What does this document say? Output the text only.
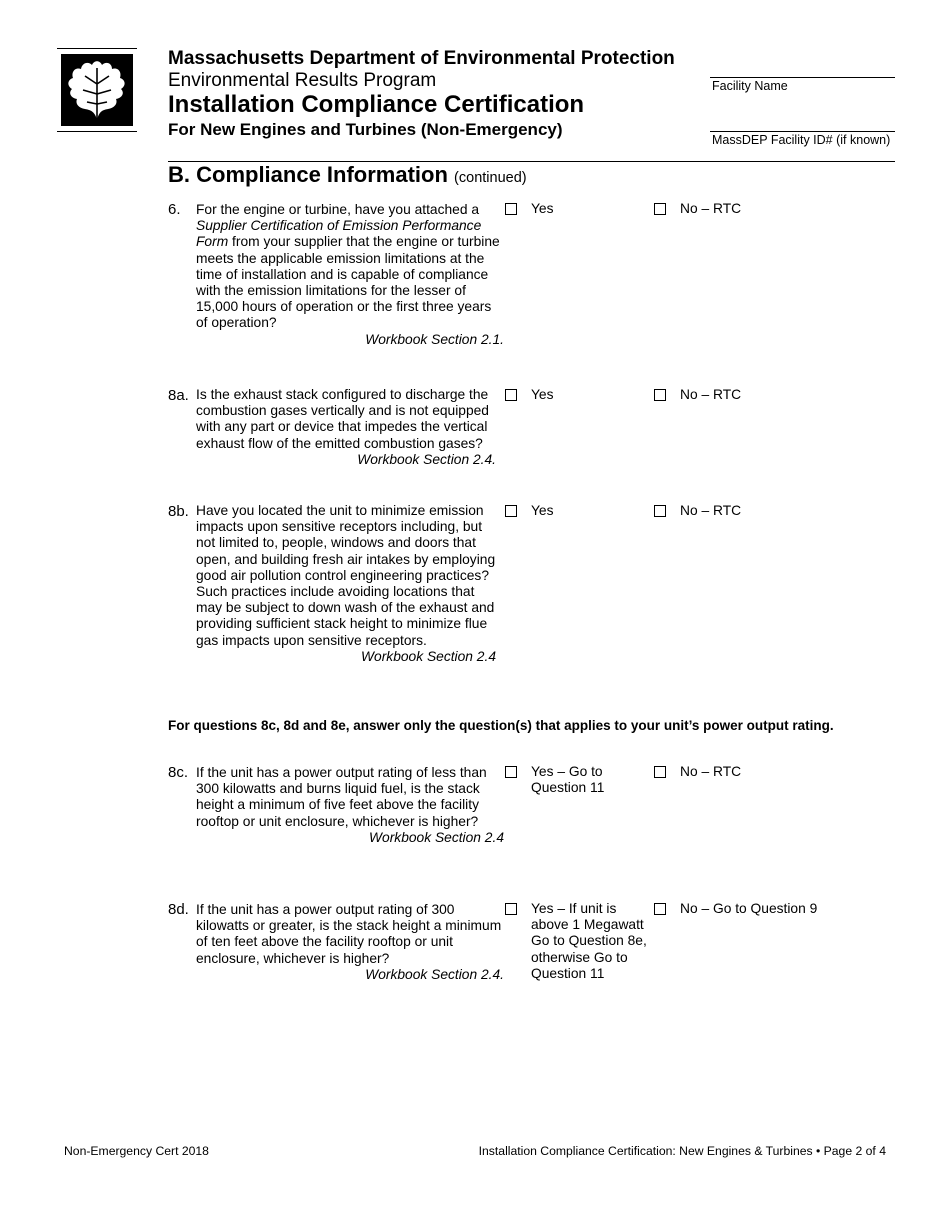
Massachusetts Department of Environmental Protection
Environmental Results Program
Installation Compliance Certification
For New Engines and Turbines (Non-Emergency)
Facility Name
MassDEP Facility ID# (if known)
B. Compliance Information (continued)
6. For the engine or turbine, have you attached a Supplier Certification of Emission Performance Form from your supplier that the engine or turbine meets the applicable emission limitations at the time of installation and is capable of compliance with the emission limitations for the lesser of 15,000 hours of operation or the first three years of operation?
Workbook Section 2.1.
Yes	No – RTC
8a. Is the exhaust stack configured to discharge the combustion gases vertically and is not equipped with any part or device that impedes the vertical exhaust flow of the emitted combustion gases?
Workbook Section 2.4.
Yes	No – RTC
8b. Have you located the unit to minimize emission impacts upon sensitive receptors including, but not limited to, people, windows and doors that open, and building fresh air intakes by employing good air pollution control engineering practices? Such practices include avoiding locations that may be subject to down wash of the exhaust and providing sufficient stack height to minimize flue gas impacts upon sensitive receptors.
Workbook Section 2.4
Yes	No – RTC
For questions 8c, 8d and 8e, answer only the question(s) that applies to your unit’s power output rating.
8c. If the unit has a power output rating of less than 300 kilowatts and burns liquid fuel, is the stack height a minimum of five feet above the facility rooftop or unit enclosure, whichever is higher?
Workbook Section 2.4
Yes – Go to Question 11
No – RTC
8d. If the unit has a power output rating of 300 kilowatts or greater, is the stack height a minimum of ten feet above the facility rooftop or unit enclosure, whichever is higher?
Workbook Section 2.4.
Yes – If unit is above 1 Megawatt Go to Question 8e, otherwise Go to Question 11
No – Go to Question 9
Non-Emergency Cert 2018	Installation Compliance Certification: New Engines & Turbines • Page 2 of 4
